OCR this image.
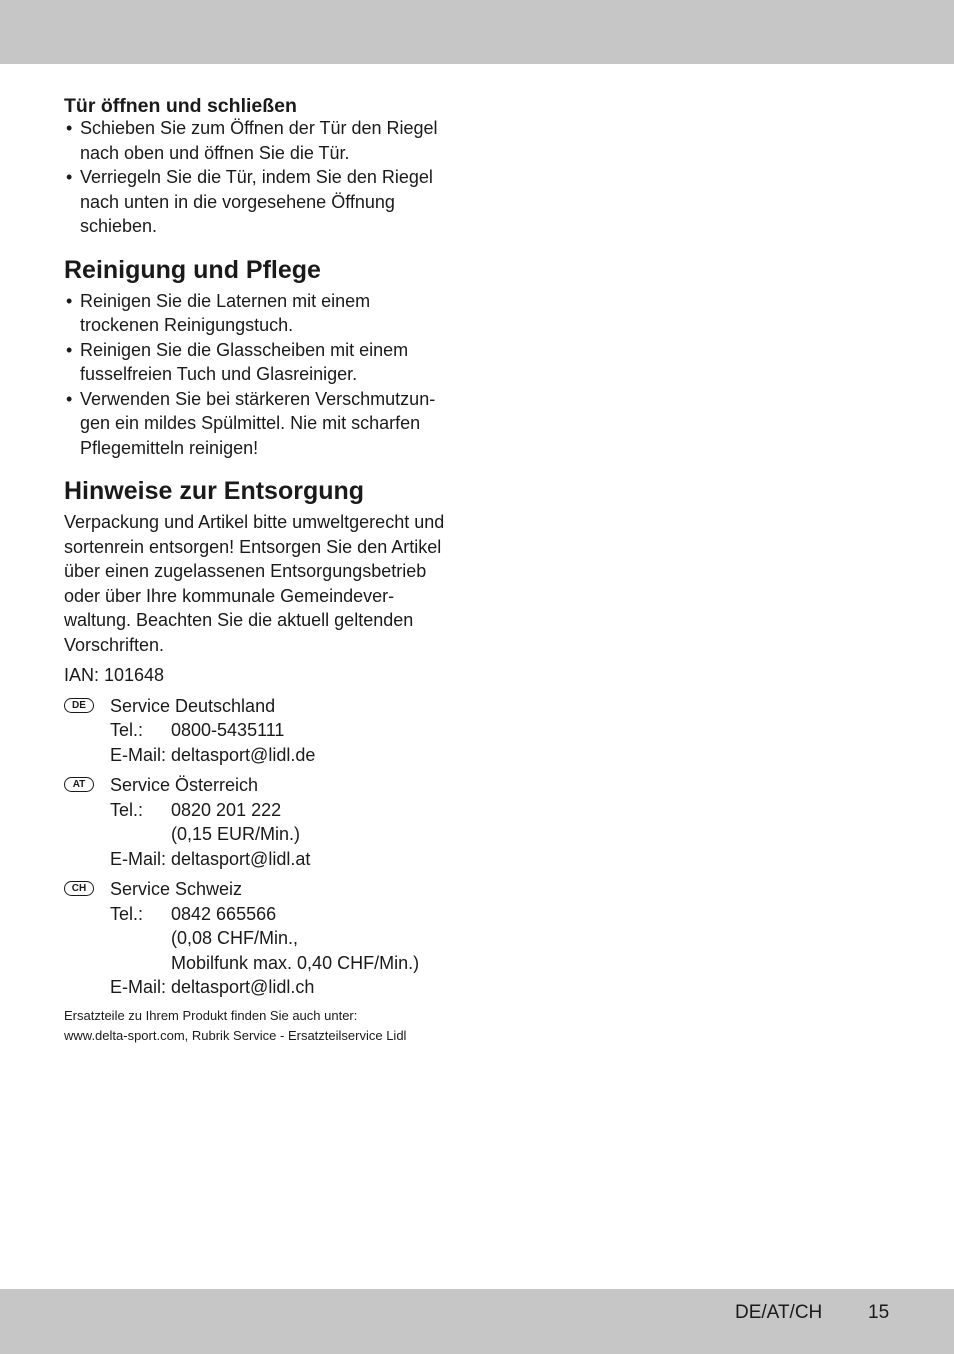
Tür öffnen und schließen
• Schieben Sie zum Öffnen der Tür den Riegel nach oben und öffnen Sie die Tür.
• Verriegeln Sie die Tür, indem Sie den Riegel nach unten in die vorgesehene Öffnung schieben.
Reinigung und Pflege
• Reinigen Sie die Laternen mit einem trockenen Reinigungstuch.
• Reinigen Sie die Glasscheiben mit einem fusselfreien Tuch und Glasreiniger.
• Verwenden Sie bei stärkeren Verschmutzun-gen ein mildes Spülmittel. Nie mit scharfen Pflegemitteln reinigen!
Hinweise zur Entsorgung

Verpackung und Artikel bitte umweltgerecht und sortenrein entsorgen! Entsorgen Sie den Artikel über einen zugelassenen Entsorgungsbetrieb oder über Ihre kommunale Gemeindever-waltung. Beachten Sie die aktuell geltenden Vorschriften.

IAN: 101648

DE	Service Deutschland
Tel.:	0800-5435111
E-Mail: deltasport@lidl.de
AT	Service Österreich
Tel.:	0820 201 222
(0,15 EUR/Min.)
E-Mail: deltasport@lidl.at
CH	Service Schweiz
Tel.:	0842 665566
(0,08 CHF/Min.,
Mobilfunk max. 0,40 CHF/Min.)
E-Mail: deltasport@lidl.ch
Ersatzteile zu Ihrem Produkt finden Sie auch unter:
www.delta-sport.com, Rubrik Service - Ersatzteilservice Lidl
DE/AT/CH 15
